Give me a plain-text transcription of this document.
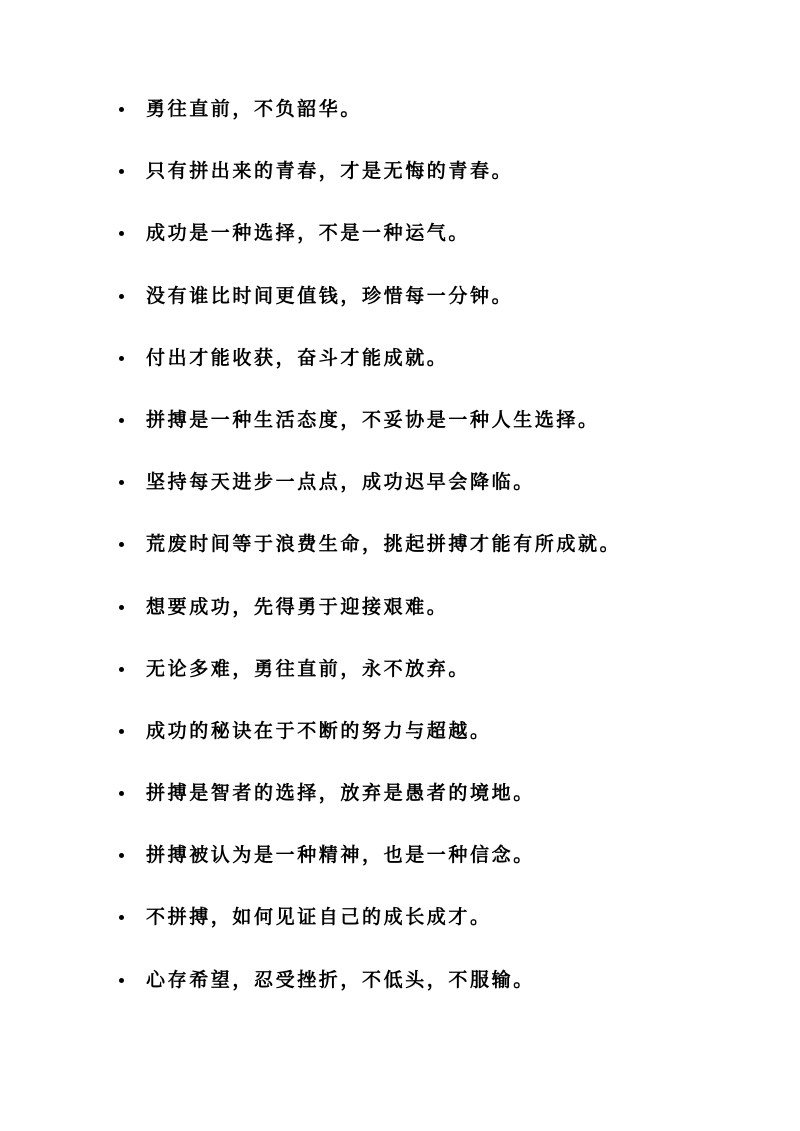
勇往直前，不负韶华。
只有拼出来的青春，才是无悔的青春。
成功是一种选择，不是一种运气。
没有谁比时间更值钱，珍惜每一分钟。
付出才能收获，奋斗才能成就。
拼搏是一种生活态度，不妥协是一种人生选择。
坚持每天进步一点点，成功迟早会降临。
荒废时间等于浪费生命，挑起拼搏才能有所成就。
想要成功，先得勇于迎接艰难。
无论多难，勇往直前，永不放弃。
成功的秘诀在于不断的努力与超越。
拼搏是智者的选择，放弃是愚者的境地。
拼搏被认为是一种精神，也是一种信念。
不拼搏，如何见证自己的成长成才。
心存希望，忍受挫折，不低头，不服输。
